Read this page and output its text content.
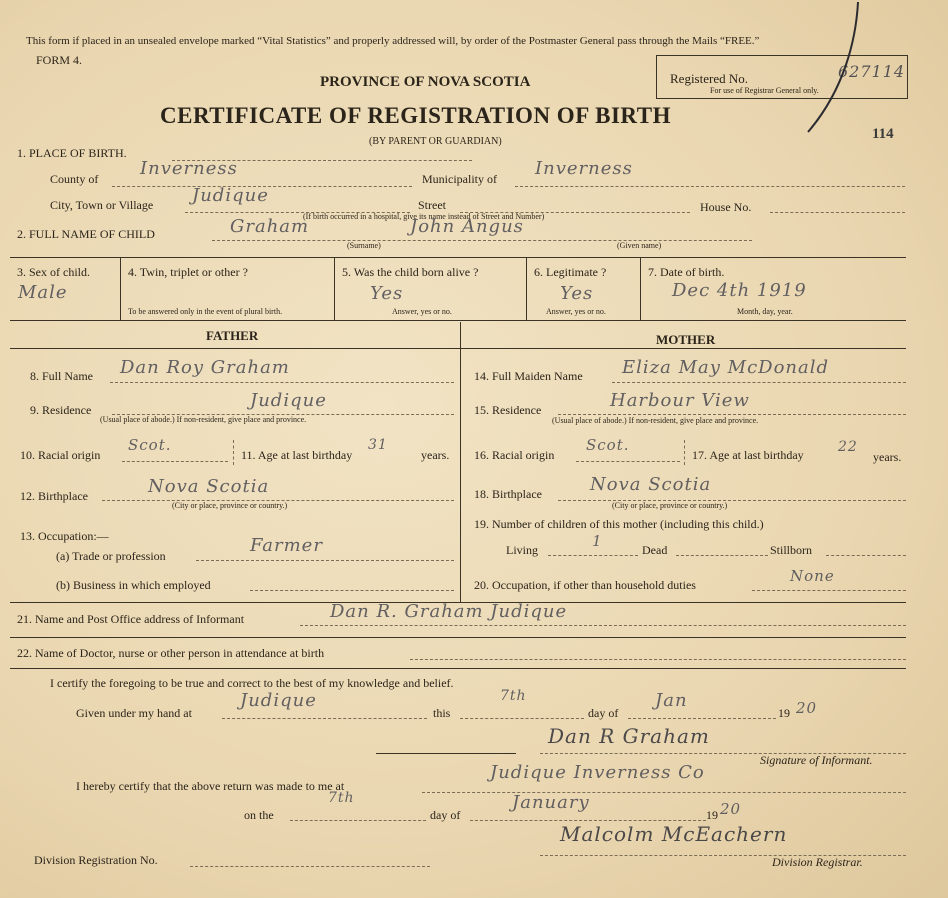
This form if placed in an unsealed envelope marked “Vital Statistics” and properly addressed will, by order of the Postmaster General pass through the Mails “FREE.”
FORM 4.
PROVINCE OF NOVA SCOTIA
CERTIFICATE OF REGISTRATION OF BIRTH
(BY PARENT OR GUARDIAN)
Registered No.	627114
For use of Registrar General only.
114
1. PLACE OF BIRTH.
County of Inverness	Municipality of Inverness
City, Town or Village Judique	Street	House No.
(If birth occurred in a hospital, give its name instead of Street and Number)
2. FULL NAME OF CHILD	Graham	John Angus
(Surname)	(Given name)
3. Sex of child.
Male
4. Twin, triplet or other ?
To be answered only in the event of plural birth.
5. Was the child born alive ?
Yes
Answer, yes or no.
6. Legitimate ?
Yes
Answer, yes or no.
7. Date of birth.
Dec 4th 1919
Month, day, year.
FATHER	MOTHER
8. Full Name Dan Roy Graham
9. Residence	Judique
(Usual place of abode.) If non-resident, give place and province.
10. Racial origin
Scot.
11. Age at last birthday
31
years.
12. Birthplace	Nova Scotia
(City or place, province or country.)
13. Occupation:—
(a) Trade or profession	Farmer
(b) Business in which employed
14. Full Maiden Name Eliza May McDonald
15. Residence	Harbour View
(Usual place of abode.) If non-resident, give place and province.
16. Racial origin
Scot.
17. Age at last birthday 22
years.
18. Birthplace	Nova Scotia
(City or place, province or country.)
19. Number of children of this mother (including this child.)
Living	1	Dead	Stillborn
20. Occupation, if other than household duties	None
21. Name and Post Office address of Informant	Dan R. Graham Judique
22. Name of Doctor, nurse or other person in attendance at birth
I certify the foregoing to be true and correct to the best of my knowledge and belief.
Given under my hand at
Judique
this
7th
day of
Jan
19 20
Dan R Graham
Signature of Informant.
I hereby certify that the above return was made to me at
Judique Inverness Co
on the
7th
day of
January
19 20
Division Registration No.
Malcolm McEachern
Division Registrar.
